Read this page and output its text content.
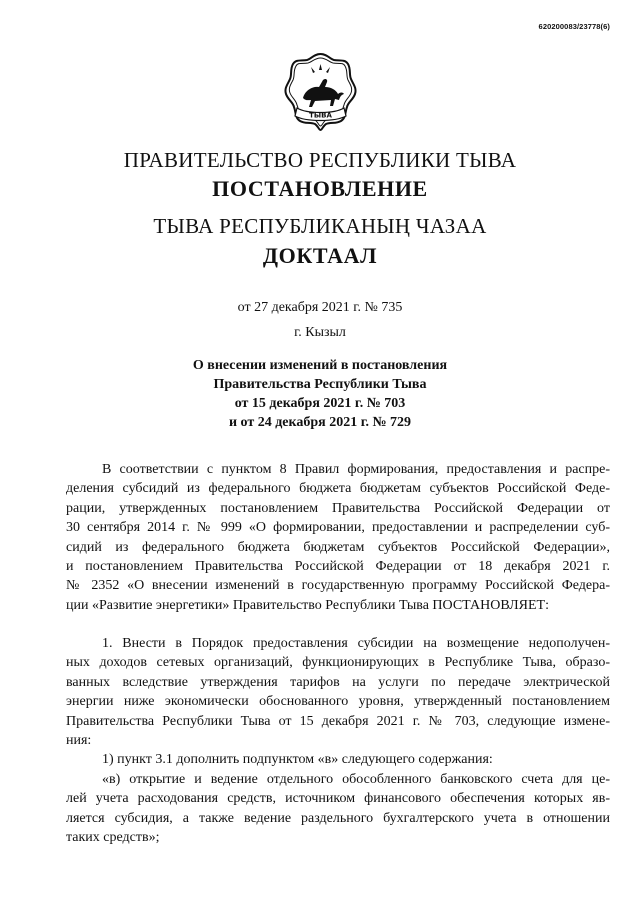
620200083/23778(6)
ТЫВА
ПРАВИТЕЛЬСТВО РЕСПУБЛИКИ ТЫВА
ПОСТАНОВЛЕНИЕ
ТЫВА РЕСПУБЛИКАНЫҢ ЧАЗАА
ДОКТААЛ
от 27 декабря 2021 г. № 735
г. Кызыл
О внесении изменений в постановления
Правительства Республики Тыва
от 15 декабря 2021 г. № 703
и от 24 декабря 2021 г. № 729
В соответствии с пунктом 8 Правил формирования, предоставления и распре-
деления субсидий из федерального бюджета бюджетам субъектов Российской Феде-
рации, утвержденных постановлением Правительства Российской Федерации от
30 сентября 2014 г. № 999 «О формировании, предоставлении и распределении суб-
сидий из федерального бюджета бюджетам субъектов Российской Федерации»,
и постановлением Правительства Российской Федерации от 18 декабря 2021 г.
№ 2352 «О внесении изменений в государственную программу Российской Федера-
ции «Развитие энергетики» Правительство Республики Тыва ПОСТАНОВЛЯЕТ:
1. Внести в Порядок предоставления субсидии на возмещение недополучен-
ных доходов сетевых организаций, функционирующих в Республике Тыва, образо-
ванных вследствие утверждения тарифов на услуги по передаче электрической
энергии ниже экономически обоснованного уровня, утвержденный постановлением
Правительства Республики Тыва от 15 декабря 2021 г. № 703, следующие измене-
ния:
1) пункт 3.1 дополнить подпунктом «в» следующего содержания:
«в) открытие и ведение отдельного обособленного банковского счета для це-
лей учета расходования средств, источником финансового обеспечения которых яв-
ляется субсидия, а также ведение раздельного бухгалтерского учета в отношении
таких средств»;
